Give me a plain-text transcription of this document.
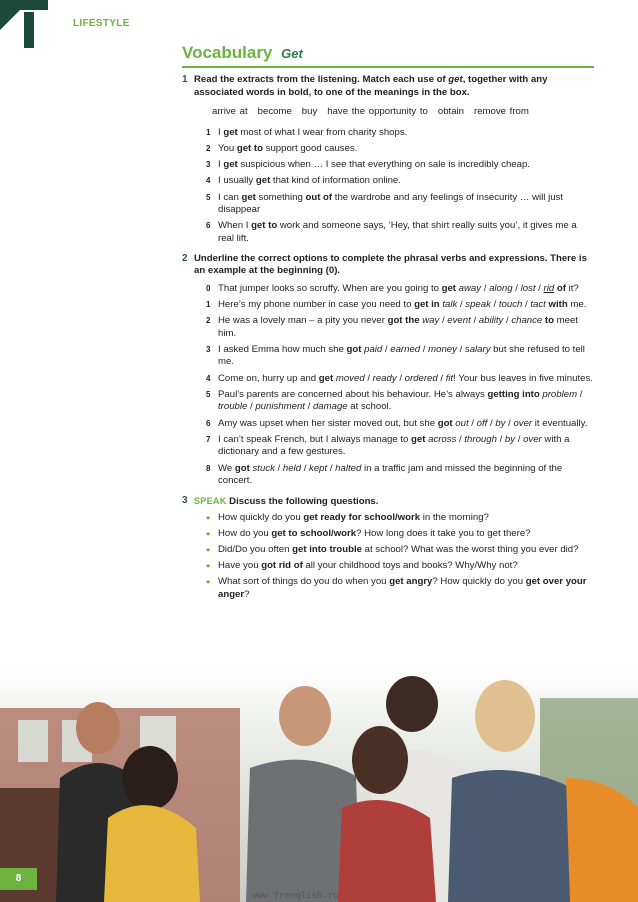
LIFESTYLE
Vocabulary Get
1 Read the extracts from the listening. Match each use of get, together with any associated words in bold, to one of the meanings in the box.
arrive at become buy have the opportunity to obtain remove from
1 I get most of what I wear from charity shops.
2 You get to support good causes.
3 I get suspicious when … I see that everything on sale is incredibly cheap.
4 I usually get that kind of information online.
5 I can get something out of the wardrobe and any feelings of insecurity … will just disappear
6 When I get to work and someone says, ‘Hey, that shirt really suits you’, it gives me a real lift.
2 Underline the correct options to complete the phrasal verbs and expressions. There is an example at the beginning (0).
0 That jumper looks so scruffy. When are you going to get away / along / lost / rid of it?
1 Here’s my phone number in case you need to get in talk / speak / touch / tact with me.
2 He was a lovely man – a pity you never got the way / event / ability / chance to meet him.
3 I asked Emma how much she got paid / earned / money / salary but she refused to tell me.
4 Come on, hurry up and get moved / ready / ordered / fit! Your bus leaves in five minutes.
5 Paul’s parents are concerned about his behaviour. He’s always getting into problem / trouble / punishment / damage at school.
6 Amy was upset when her sister moved out, but she got out / off / by / over it eventually.
7 I can’t speak French, but I always manage to get across / through / by / over with a dictionary and a few gestures.
8 We got stuck / held / kept / halted in a traffic jam and missed the beginning of the concert.
3 SPEAK Discuss the following questions.
• How quickly do you get ready for school/work in the morning?
• How do you get to school/work? How long does it take you to get there?
• Did/Do you often get into trouble at school? What was the worst thing you ever did?
• Have you got rid of all your childhood toys and books? Why/Why not?
• What sort of things do you do when you get angry? How quickly do you get over your anger?
8
www.frenglish.ru
